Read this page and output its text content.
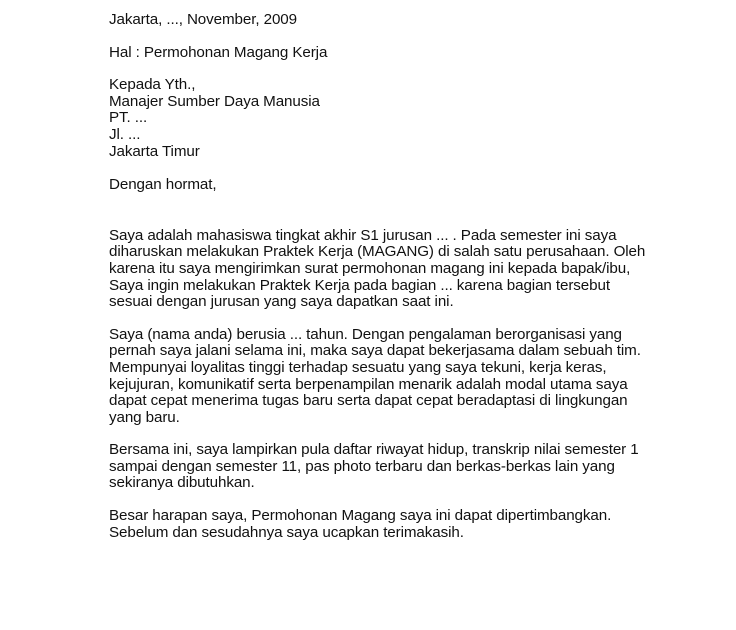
Jakarta, ..., November, 2009
Hal : Permohonan Magang Kerja
Kepada Yth.,
Manajer Sumber Daya Manusia
PT. ...
Jl. ...
Jakarta Timur
Dengan hormat,
Saya adalah mahasiswa tingkat akhir S1 jurusan ... . Pada semester ini saya
diharuskan melakukan Praktek Kerja (MAGANG) di salah satu perusahaan. Oleh
karena itu saya mengirimkan surat permohonan magang ini kepada bapak/ibu,
Saya ingin melakukan Praktek Kerja pada bagian ... karena bagian tersebut
sesuai dengan jurusan yang saya dapatkan saat ini.
Saya (nama anda) berusia ... tahun. Dengan pengalaman berorganisasi yang
pernah saya jalani selama ini, maka saya dapat bekerjasama dalam sebuah tim.
Mempunyai loyalitas tinggi terhadap sesuatu yang saya tekuni, kerja keras,
kejujuran, komunikatif serta berpenampilan menarik adalah modal utama saya
dapat cepat menerima tugas baru serta dapat cepat beradaptasi di lingkungan
yang baru.
Bersama ini, saya lampirkan pula daftar riwayat hidup, transkrip nilai semester 1
sampai dengan semester 11, pas photo terbaru dan berkas-berkas lain yang
sekiranya dibutuhkan.
Besar harapan saya, Permohonan Magang saya ini dapat dipertimbangkan.
Sebelum dan sesudahnya saya ucapkan terimakasih.
